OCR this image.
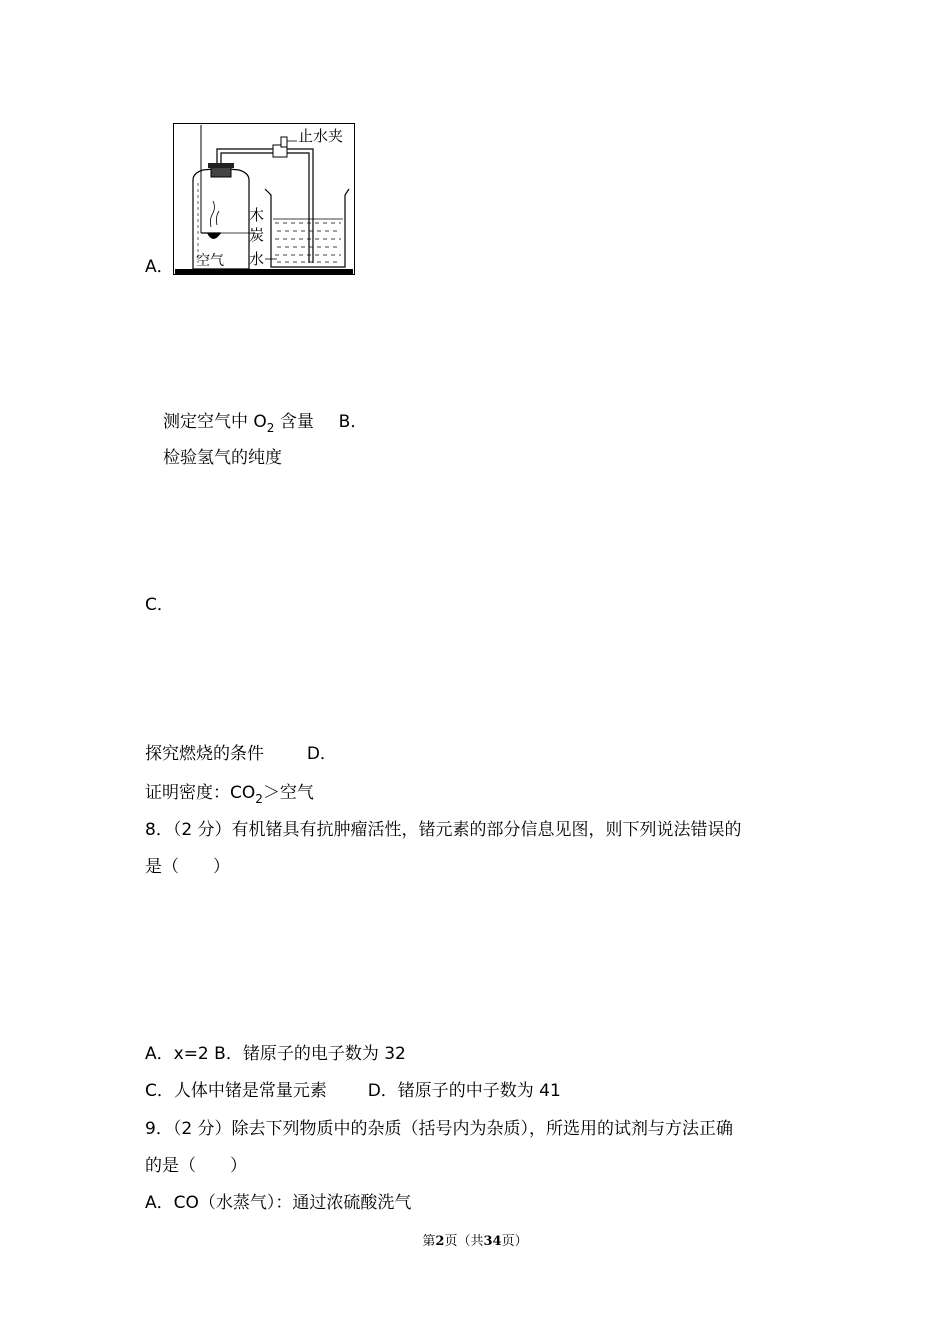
A．
止水夹
木
炭
水
空气
测定空气中 $O_2$ 含量 B．
检验氢气的纯度
C．
探究燃烧的条件	D．
证明密度：$CO_2>$空气
8．（2 分）有机锗具有抗肿瘤活性，锗元素的部分信息见图，则下列说法错误的
是（　　）
A．x=2 B．锗原子的电子数为 32
C．人体中锗是常量元素 D．锗原子的中子数为 41
9．（2 分）除去下列物质中的杂质（括号内为杂质），所选用的试剂与方法正确
的是（　　）
A．CO（水蒸气）：通过浓硫酸洗气
第2页（共34页）
